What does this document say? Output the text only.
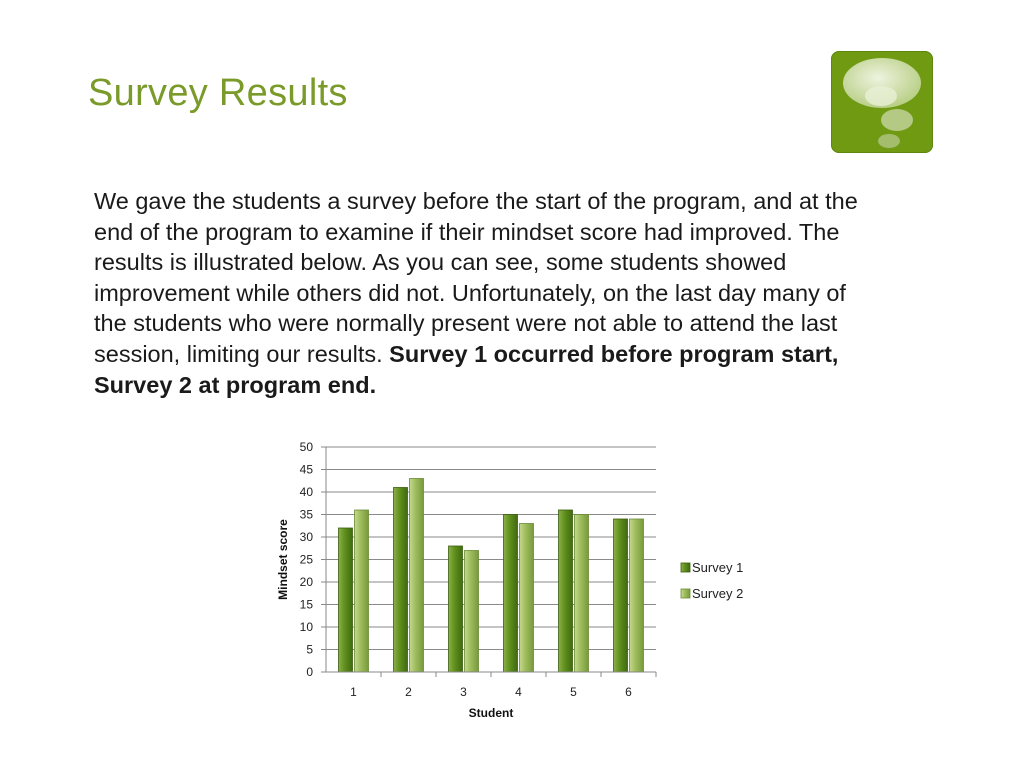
Survey Results

We gave the students a survey before the start of the program, and at the end of the program to examine if their mindset score had improved. The results is illustrated below. As you can see, some students showed improvement while others did not. Unfortunately, on the last day many of the students who were normally present were not able to attend the last session, limiting our results. Survey 1 occurred before program start, Survey 2 at program end.

0
5
10
15
20
25
30
35
40
45
50
1	2	3	4	5	6
Student
Mindset score	Survey 1
Survey 2
